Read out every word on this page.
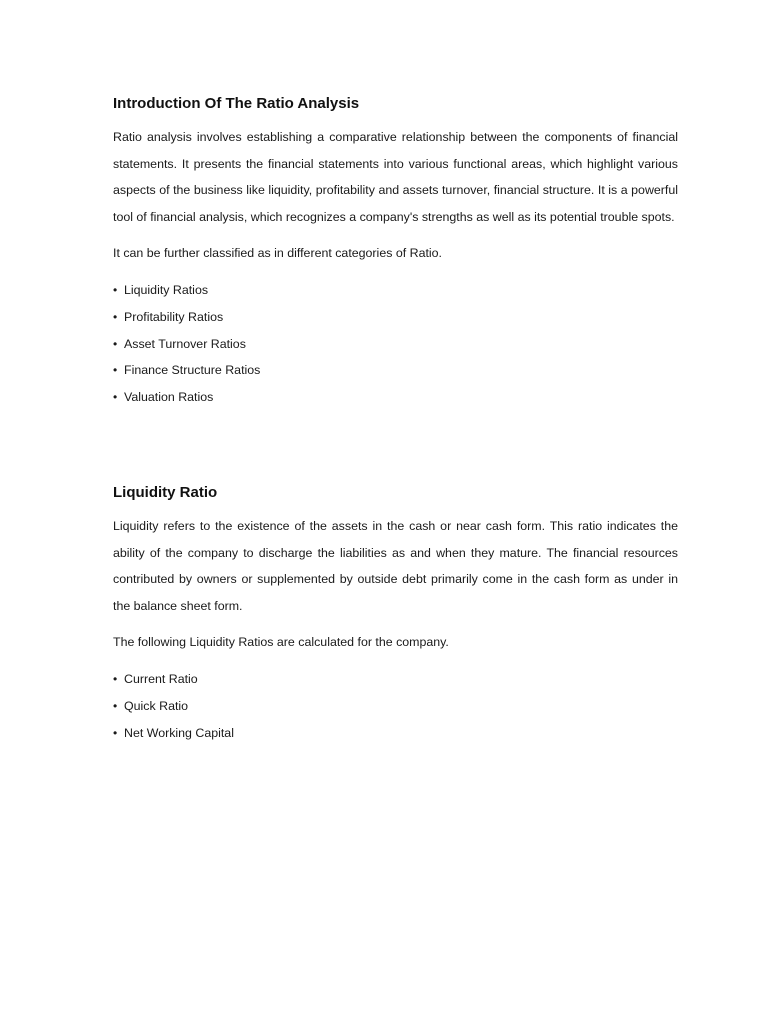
Introduction Of The Ratio Analysis

Ratio analysis involves establishing a comparative relationship between the components of financial statements. It presents the financial statements into various functional areas, which highlight various aspects of the business like liquidity, profitability and assets turnover, financial structure. It is a powerful tool of financial analysis, which recognizes a company's strengths as well as its potential trouble spots.

It can be further classified as in different categories of Ratio.

• Liquidity Ratios
• Profitability Ratios
• Asset Turnover Ratios
• Finance Structure Ratios
• Valuation Ratios
Liquidity Ratio

Liquidity refers to the existence of the assets in the cash or near cash form. This ratio indicates the ability of the company to discharge the liabilities as and when they mature. The financial resources contributed by owners or supplemented by outside debt primarily come in the cash form as under in the balance sheet form.

The following Liquidity Ratios are calculated for the company.

• Current Ratio
• Quick Ratio
• Net Working Capital
